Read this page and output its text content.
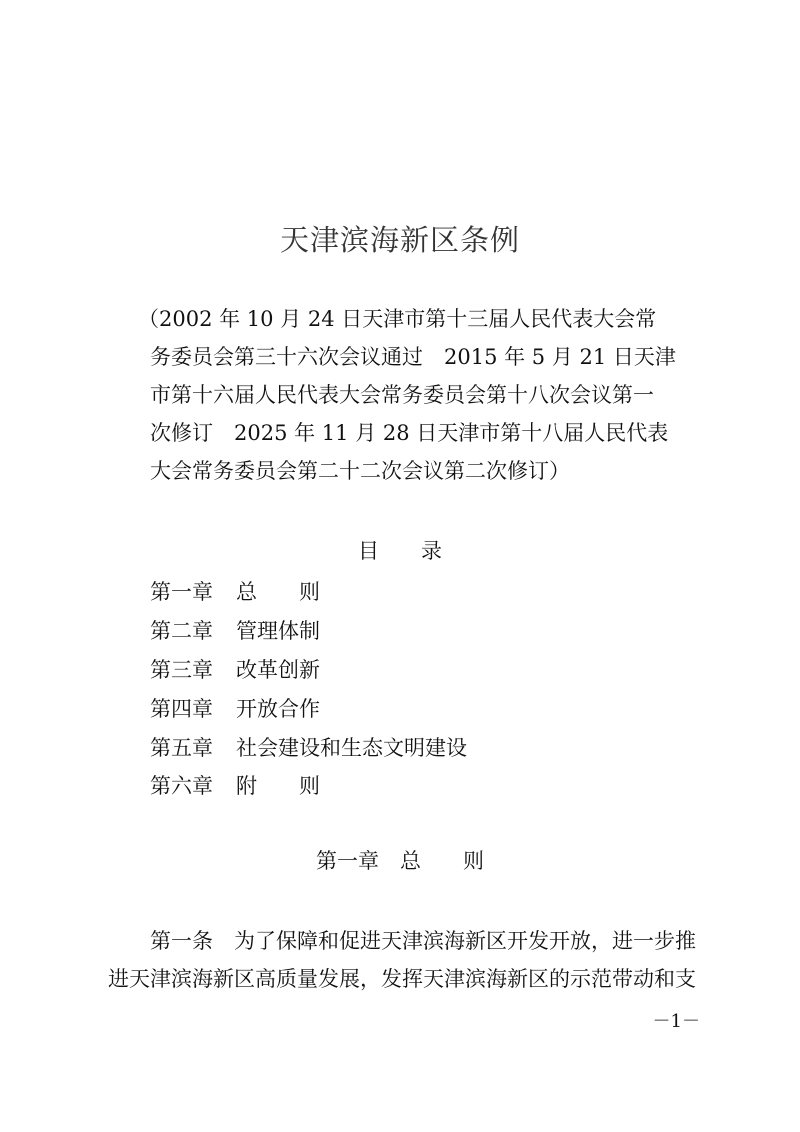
天津滨海新区条例
（2002 年 10 月 24 日天津市第十三届人民代表大会常
务委员会第三十六次会议通过　2015 年 5 月 21 日天津
市第十六届人民代表大会常务委员会第十八次会议第一
次修订　2025 年 11 月 28 日天津市第十八届人民代表
大会常务委员会第二十二次会议第二次修订）
目　　录
第一章	总　　则
第二章	管理体制
第三章	改革创新
第四章	开放合作
第五章	社会建设和生态文明建设
第六章	附　　则
第一章　总　　则
第一条　为了保障和促进天津滨海新区开发开放，进一步推
进天津滨海新区高质量发展，发挥天津滨海新区的示范带动和支
－1－
